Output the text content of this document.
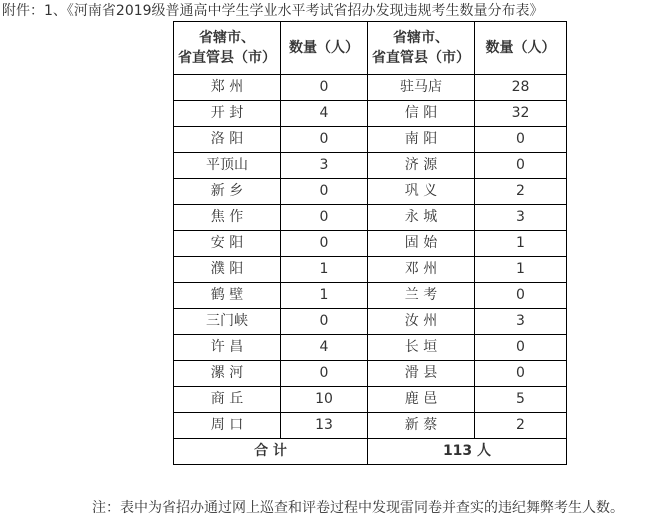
附件：1、《河南省2019级普通高中学生学业水平考试省招办发现违规考生数量分布表》
省辖市、
省直管县（市）	数量（人）	省辖市、
省直管县（市）	数量（人）
郑 州	0	驻马店	28
开 封	4	信 阳	32
洛 阳	0	南 阳	0
平顶山	3	济 源	0
新 乡	0	巩 义	2
焦 作	0	永 城	3
安 阳	0	固 始	1
濮 阳	1	邓 州	1
鹤 壁	1	兰 考	0
三门峡	0	汝 州	3
许 昌	4	长 垣	0
漯 河	0	滑 县	0
商 丘	10	鹿 邑	5
周 口	13	新 蔡	2
合 计		113 人	
注：表中为省招办通过网上巡查和评卷过程中发现雷同卷并查实的违纪舞弊考生人数。
